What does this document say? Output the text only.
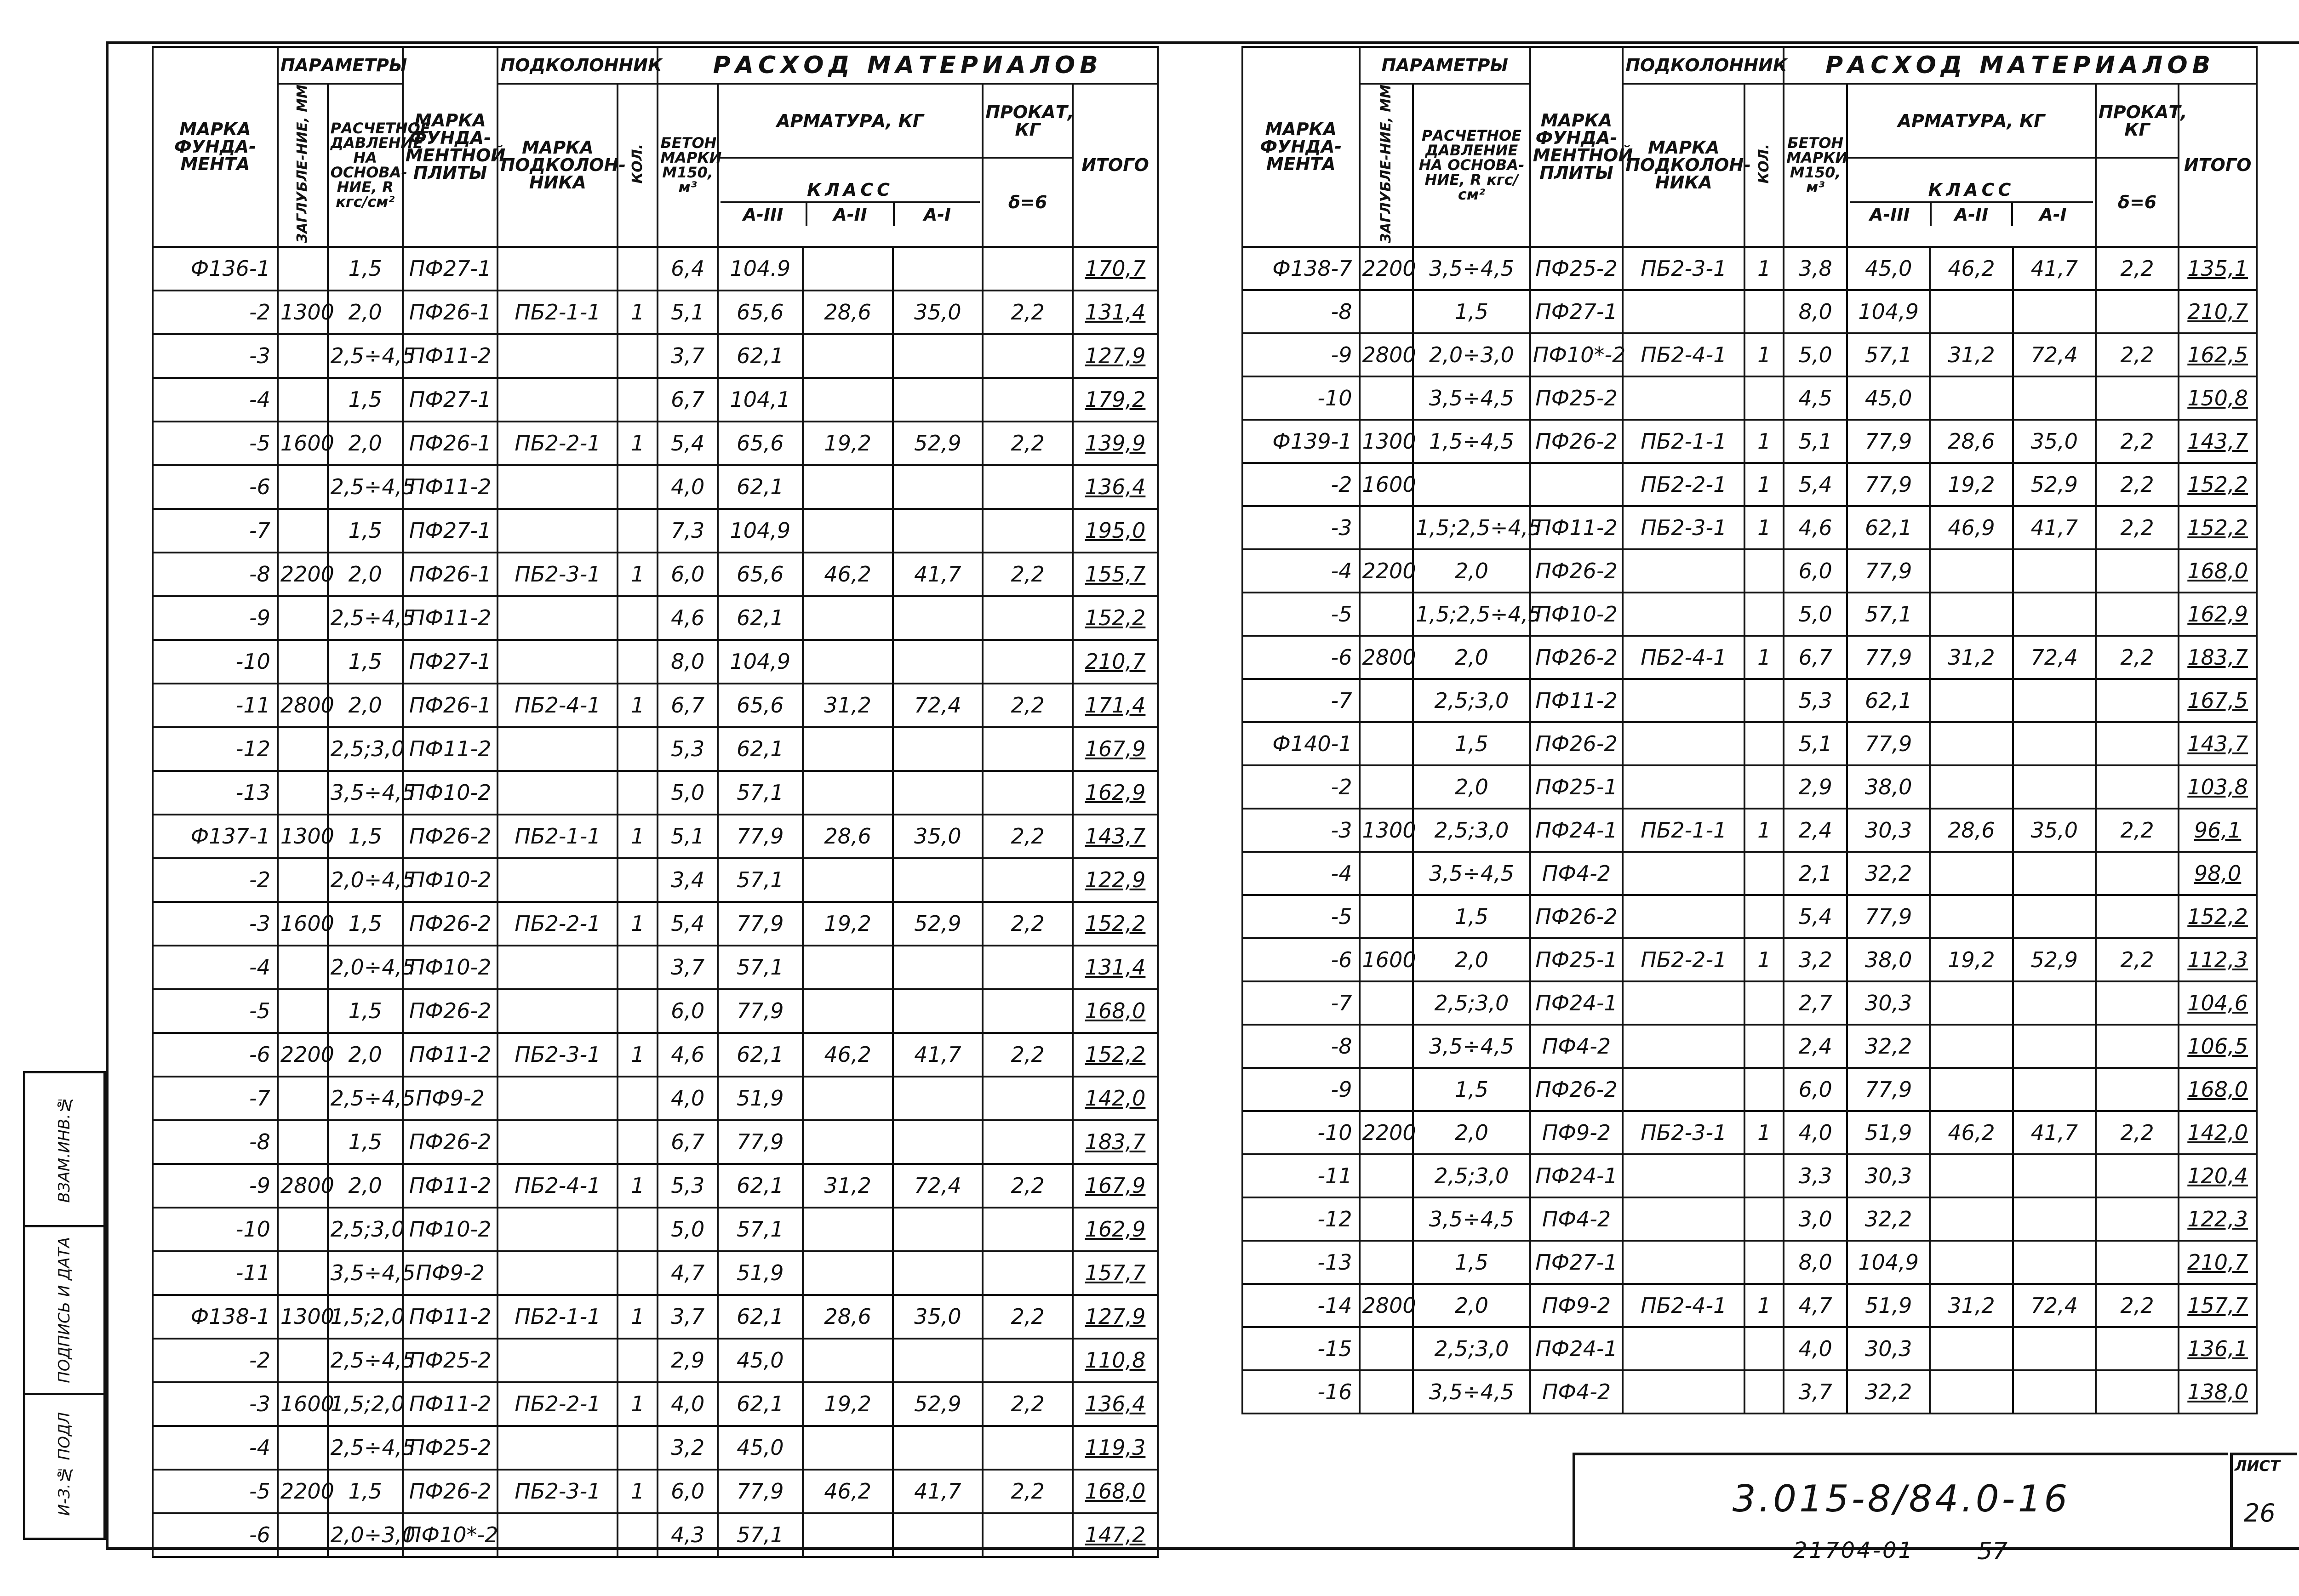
МАРКА ФУНДА-МЕНТА	ПАРАМЕТРЫ		МАРКА ФУНДА-МЕНТНОЙ ПЛИТЫ	ПОДКОЛОННИК		РАСХОД МАТЕРИАЛОВ					
	ЗАГЛУБЛЕ-НИЕ, ММ	РАСЧЕТНОЕ ДАВЛЕНИЕ НА ОСНОВА-НИЕ, R кгс/см²		МАРКА ПОДКОЛОН-НИКА	КОЛ.	БЕТОН МАРКИ М150, м³	АРМАТУРА, КГ			ПРОКАТ, КГ	ИТОГО

							КЛАСС
А-III А-II А-I			δ=6	
Ф136-1		1,5	ПФ27-1			6,4	104.9				170,7
-2	1300	2,0	ПФ26-1	ПБ2-1-1	1	5,1	65,6	28,6	35,0	2,2	131,4
-3		2,5÷4,5	ПФ11-2			3,7	62,1				127,9
-4		1,5	ПФ27-1			6,7	104,1				179,2
-5	1600	2,0	ПФ26-1	ПБ2-2-1	1	5,4	65,6	19,2	52,9	2,2	139,9
-6		2,5÷4,5	ПФ11-2			4,0	62,1				136,4
-7		1,5	ПФ27-1			7,3	104,9				195,0
-8	2200	2,0	ПФ26-1	ПБ2-3-1	1	6,0	65,6	46,2	41,7	2,2	155,7
-9		2,5÷4,5	ПФ11-2			4,6	62,1				152,2
-10		1,5	ПФ27-1			8,0	104,9				210,7
-11	2800	2,0	ПФ26-1	ПБ2-4-1	1	6,7	65,6	31,2	72,4	2,2	171,4
-12		2,5;3,0	ПФ11-2			5,3	62,1				167,9
-13		3,5÷4,5	ПФ10-2			5,0	57,1				162,9
Ф137-1	1300	1,5	ПФ26-2	ПБ2-1-1	1	5,1	77,9	28,6	35,0	2,2	143,7
-2		2,0÷4,5	ПФ10-2			3,4	57,1				122,9
-3	1600	1,5	ПФ26-2	ПБ2-2-1	1	5,4	77,9	19,2	52,9	2,2	152,2
-4		2,0÷4,5	ПФ10-2			3,7	57,1				131,4
-5		1,5	ПФ26-2			6,0	77,9				168,0
-6	2200	2,0	ПФ11-2	ПБ2-3-1	1	4,6	62,1	46,2	41,7	2,2	152,2
-7		2,5÷4,5	ПФ9-2			4,0	51,9				142,0
-8		1,5	ПФ26-2			6,7	77,9				183,7
-9	2800	2,0	ПФ11-2	ПБ2-4-1	1	5,3	62,1	31,2	72,4	2,2	167,9
-10		2,5;3,0	ПФ10-2			5,0	57,1				162,9
-11		3,5÷4,5	ПФ9-2			4,7	51,9				157,7
Ф138-1	1300	1,5;2,0	ПФ11-2	ПБ2-1-1	1	3,7	62,1	28,6	35,0	2,2	127,9
-2		2,5÷4,5	ПФ25-2			2,9	45,0				110,8
-3	1600	1,5;2,0	ПФ11-2	ПБ2-2-1	1	4,0	62,1	19,2	52,9	2,2	136,4
-4		2,5÷4,5	ПФ25-2			3,2	45,0				119,3
-5	2200	1,5	ПФ26-2	ПБ2-3-1	1	6,0	77,9	46,2	41,7	2,2	168,0
-6		2,0÷3,0	ПФ10*-2			4,3	57,1				147,2
МАРКА ФУНДА-МЕНТА	ПАРАМЕТРЫ		МАРКА ФУНДА-МЕНТНОЙ ПЛИТЫ	ПОДКОЛОННИК		РАСХОД МАТЕРИАЛОВ					
	ЗАГЛУБЛЕ-НИЕ, ММ	РАСЧЕТНОЕ ДАВЛЕНИЕ НА ОСНОВА-НИЕ, R кгс/см²		МАРКА ПОДКОЛОН-НИКА	КОЛ.	БЕТОН МАРКИ М150, м³	АРМАТУРА, КГ			ПРОКАТ, КГ	ИТОГО

							КЛАСС
А-III А-II А-I			δ=6	
Ф138-7	2200	3,5÷4,5	ПФ25-2	ПБ2-3-1	1	3,8	45,0	46,2	41,7	2,2	135,1
-8		1,5	ПФ27-1			8,0	104,9				210,7
-9	2800	2,0÷3,0	ПФ10*-2	ПБ2-4-1	1	5,0	57,1	31,2	72,4	2,2	162,5
-10		3,5÷4,5	ПФ25-2			4,5	45,0				150,8
Ф139-1	1300	1,5÷4,5	ПФ26-2	ПБ2-1-1	1	5,1	77,9	28,6	35,0	2,2	143,7
-2	1600			ПБ2-2-1	1	5,4	77,9	19,2	52,9	2,2	152,2
-3		1,5;2,5÷4,5	ПФ11-2	ПБ2-3-1	1	4,6	62,1	46,9	41,7	2,2	152,2
-4	2200	2,0	ПФ26-2			6,0	77,9				168,0
-5		1,5;2,5÷4,5	ПФ10-2			5,0	57,1				162,9
-6	2800	2,0	ПФ26-2	ПБ2-4-1	1	6,7	77,9	31,2	72,4	2,2	183,7
-7		2,5;3,0	ПФ11-2			5,3	62,1				167,5
Ф140-1		1,5	ПФ26-2			5,1	77,9				143,7
-2		2,0	ПФ25-1			2,9	38,0				103,8
-3	1300	2,5;3,0	ПФ24-1	ПБ2-1-1	1	2,4	30,3	28,6	35,0	2,2	96,1
-4		3,5÷4,5	ПФ4-2			2,1	32,2				98,0
-5		1,5	ПФ26-2			5,4	77,9				152,2
-6	1600	2,0	ПФ25-1	ПБ2-2-1	1	3,2	38,0	19,2	52,9	2,2	112,3
-7		2,5;3,0	ПФ24-1			2,7	30,3				104,6
-8		3,5÷4,5	ПФ4-2			2,4	32,2				106,5
-9		1,5	ПФ26-2			6,0	77,9				168,0
-10	2200	2,0	ПФ9-2	ПБ2-3-1	1	4,0	51,9	46,2	41,7	2,2	142,0
-11		2,5;3,0	ПФ24-1			3,3	30,3				120,4
-12		3,5÷4,5	ПФ4-2			3,0	32,2				122,3
-13		1,5	ПФ27-1			8,0	104,9				210,7
-14	2800	2,0	ПФ9-2	ПБ2-4-1	1	4,7	51,9	31,2	72,4	2,2	157,7
-15		2,5;3,0	ПФ24-1			4,0	30,3				136,1
-16		3,5÷4,5	ПФ4-2			3,7	32,2				138,0
ВЗАМ.ИНВ.№
ПОДПИСЬ И ДАТА
И-З.№ ПОДЛ	3.015-8/84.0-16
ЛИСТ
26
21704-01	57
